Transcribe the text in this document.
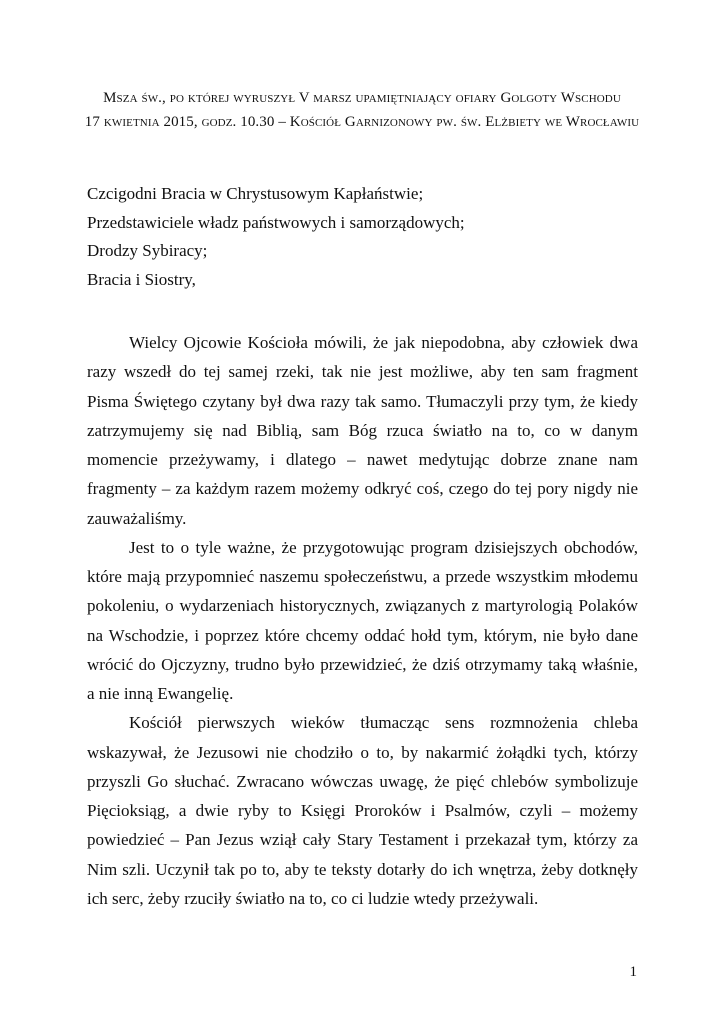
Msza św., po której wyruszył V marsz upamiętniający ofiary Golgoty Wschodu
17 kwietnia 2015, godz. 10.30 – Kościół Garnizonowy pw. św. Elżbiety we Wrocławiu
Czcigodni Bracia w Chrystusowym Kapłaństwie;
Przedstawiciele władz państwowych i samorządowych;
Drodzy Sybiracy;
Bracia i Siostry,

Wielcy Ojcowie Kościoła mówili, że jak niepodobna, aby człowiek dwa razy wszedł do tej samej rzeki, tak nie jest możliwe, aby ten sam fragment Pisma Świętego czytany był dwa razy tak samo. Tłumaczyli przy tym, że kiedy zatrzymujemy się nad Biblią, sam Bóg rzuca światło na to, co w danym momencie przeżywamy, i dlatego – nawet medytując dobrze znane nam fragmenty – za każdym razem możemy odkryć coś, czego do tej pory nigdy nie zauważaliśmy.

Jest to o tyle ważne, że przygotowując program dzisiejszych obchodów, które mają przypomnieć naszemu społeczeństwu, a przede wszystkim młodemu pokoleniu, o wydarzeniach historycznych, związanych z martyrologią Polaków na Wschodzie, i poprzez które chcemy oddać hołd tym, którym, nie było dane wrócić do Ojczyzny, trudno było przewidzieć, że dziś otrzymamy taką właśnie, a nie inną Ewangelię.

Kościół pierwszych wieków tłumacząc sens rozmnożenia chleba wskazywał, że Jezusowi nie chodziło o to, by nakarmić żołądki tych, którzy przyszli Go słuchać. Zwracano wówczas uwagę, że pięć chlebów symbolizuje Pięcioksiąg, a dwie ryby to Księgi Proroków i Psalmów, czyli – możemy powiedzieć – Pan Jezus wziął cały Stary Testament i przekazał tym, którzy za Nim szli. Uczynił tak po to, aby te teksty dotarły do ich wnętrza, żeby dotknęły ich serc, żeby rzuciły światło na to, co ci ludzie wtedy przeżywali.

1
